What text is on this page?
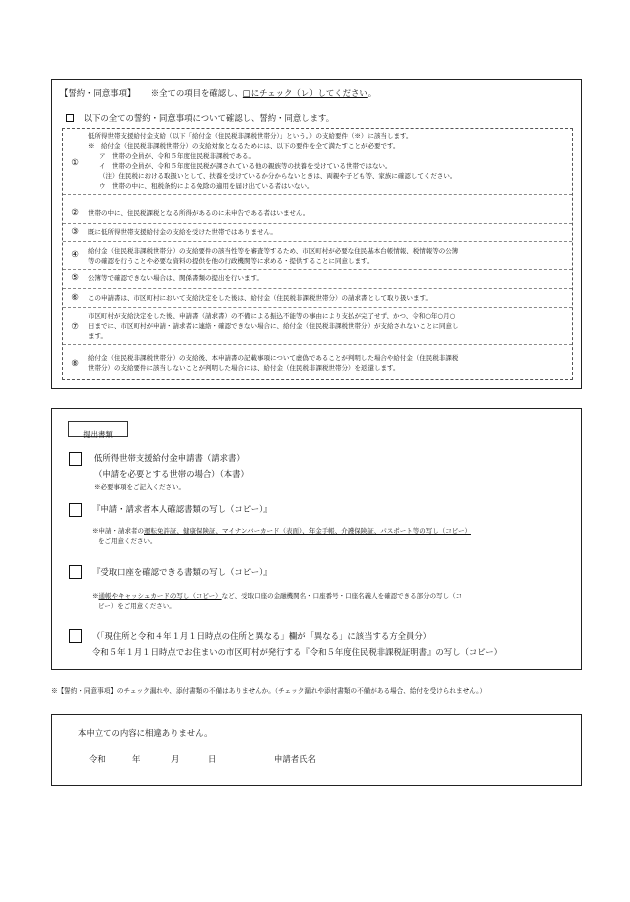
【誓約・同意事項】 ※全ての項目を確認し、□にチェック（レ）してください。
以下の全ての誓約・同意事項について確認し、誓約・同意します。
①
低所得世帯支援給付金支給（以下「給付金（住民税非課税世帯分）」という。）の支給要件（※）に該当します。
※　給付金（住民税非課税世帯分）の支給対象となるためには、以下の要件を全て満たすことが必要です。
ア　世帯の全員が、令和５年度住民税非課税である。
イ　世帯の全員が、令和５年度住民税が課されている他の親族等の扶養を受けている世帯ではない。
（注）住民税における取扱いとして、扶養を受けているか分からないときは、両親や子ども等、家族に確認してください。
ウ　世帯の中に、租税条約による免除の適用を届け出ている者はいない。
②	世帯の中に、住民税課税となる所得があるのに未申告である者はいません。
③	既に低所得世帯支援給付金の支給を受けた世帯ではありません。
④	給付金（住民税非課税世帯分）の支給要件の該当性等を審査等するため、市区町村が必要な住民基本台帳情報、税情報等の公簿
等の確認を行うことや必要な資料の提供を他の行政機関等に求める・提供することに同意します。
⑤	公簿等で確認できない場合は、関係書類の提出を行います。
⑥	この申請書は、市区町村において支給決定をした後は、給付金（住民税非課税世帯分）の請求書として取り扱います。
⑦
市区町村が支給決定をした後、申請書（請求書）の不備による振込不能等の事由により支払が完了せず、かつ、令和○年○月○
日までに、市区町村が申請・請求者に連絡・確認できない場合に、給付金（住民税非課税世帯分）が支給されないことに同意し
ます。
⑧
給付金（住民税非課税世帯分）の支給後、本申請書の記載事項について虚偽であることが判明した場合や給付金（住民税非課税
世帯分）の支給要件に該当しないことが判明した場合には、給付金（住民税非課税世帯分）を返還します。
提出書類
低所得世帯支援給付金申請書（請求書）
（申請を必要とする世帯の場合）（本書）
※必要事項をご記入ください。
『申請・請求者本人確認書類の写し（コピー）』
※申請・請求者の運転免許証、健康保険証、マイナンバーカード（表面）、年金手帳、介護保険証、パスポート等の写し（コピー）
をご用意ください。
『受取口座を確認できる書類の写し（コピー）』
※通帳やキャッシュカードの写し（コピー）など、受取口座の金融機関名・口座番号・口座名義人を確認できる部分の写し（コ
ピー）をご用意ください。
（「現住所と令和４年１月１日時点の住所と異なる」欄が「異なる」に該当する方全員分）
令和５年１月１日時点でお住まいの市区町村が発行する『令和５年度住民税非課税証明書』の写し（コピー）
※【誓約・同意事項】のチェック漏れや、添付書類の不備はありませんか。（チェック漏れや添付書類の不備がある場合、給付を受けられません。）
本申立ての内容に相違ありません。
令和	年	月	日	申請者氏名
